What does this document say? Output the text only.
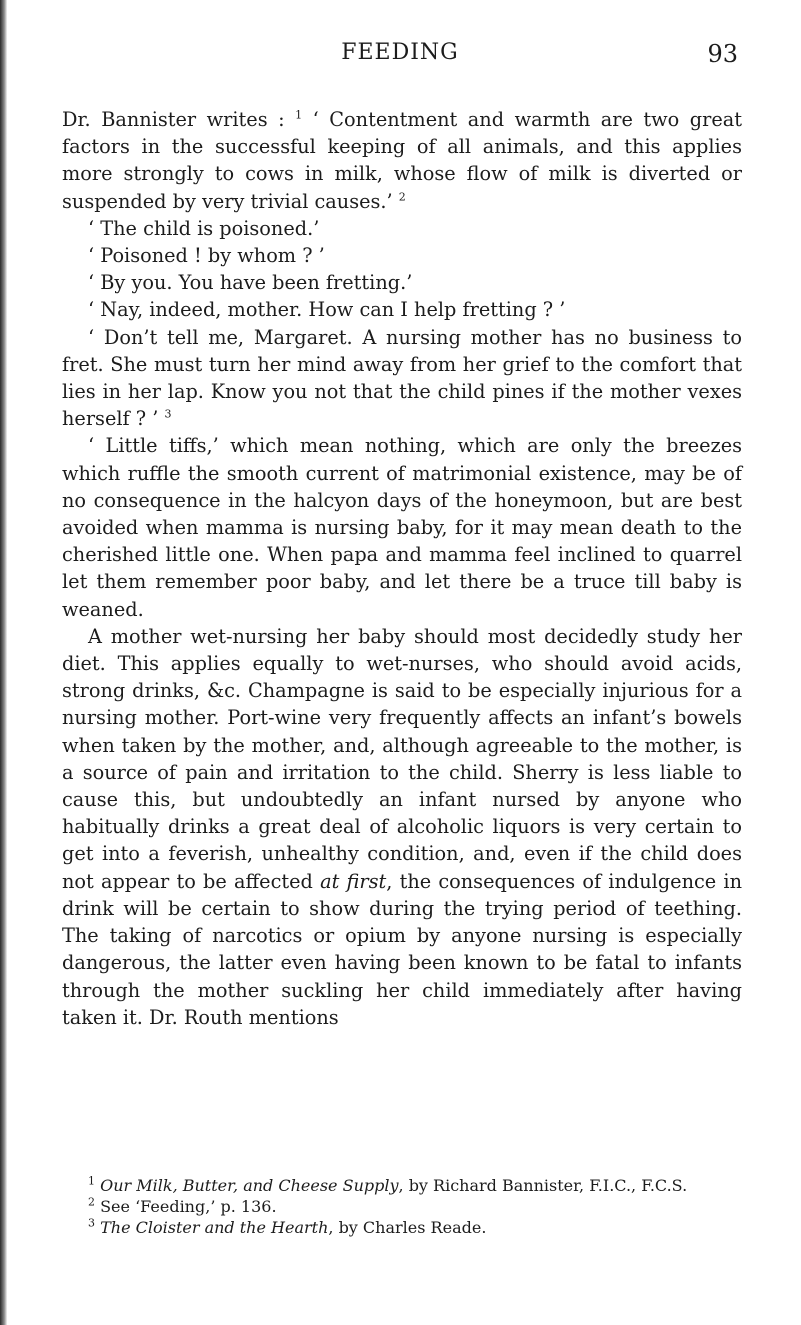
FEEDING	93

Dr. Bannister writes : $^1$ ‘ Contentment and warmth are two great factors in the successful keeping of all animals, and this applies more strongly to cows in milk, whose flow of milk is diverted or suspended by very trivial causes.’ $^2$

‘ The child is poisoned.’

‘ Poisoned ! by whom ? ’

‘ By you. You have been fretting.’

‘ Nay, indeed, mother. How can I help fretting ? ’

‘ Don’t tell me, Margaret. A nursing mother has no business to fret. She must turn her mind away from her grief to the comfort that lies in her lap. Know you not that the child pines if the mother vexes herself ? ’ $^3$

‘ Little tiffs,’ which mean nothing, which are only the breezes which ruffle the smooth current of matrimonial existence, may be of no consequence in the halcyon days of the honeymoon, but are best avoided when mamma is nursing baby, for it may mean death to the cherished little one. When papa and mamma feel inclined to quarrel let them remember poor baby, and let there be a truce till baby is weaned.

A mother wet-nursing her baby should most decidedly study her diet. This applies equally to wet-nurses, who should avoid acids, strong drinks, &c. Champagne is said to be especially injurious for a nursing mother. Port-wine very frequently affects an infant’s bowels when taken by the mother, and, although agreeable to the mother, is a source of pain and irritation to the child. Sherry is less liable to cause this, but undoubtedly an infant nursed by anyone who habitually drinks a great deal of alcoholic liquors is very certain to get into a feverish, unhealthy condition, and, even if the child does not appear to be affected at first, the consequences of indulgence in drink will be certain to show during the trying period of teething. The taking of narcotics or opium by anyone nursing is especially dangerous, the latter even having been known to be fatal to infants through the mother suckling her child immediately after having taken it. Dr. Routh mentions

$^1$ Our Milk, Butter, and Cheese Supply, by Richard Bannister, F.I.C., F.C.S.

$^2$ See ‘Feeding,’ p. 136.

$^3$ The Cloister and the Hearth, by Charles Reade.
